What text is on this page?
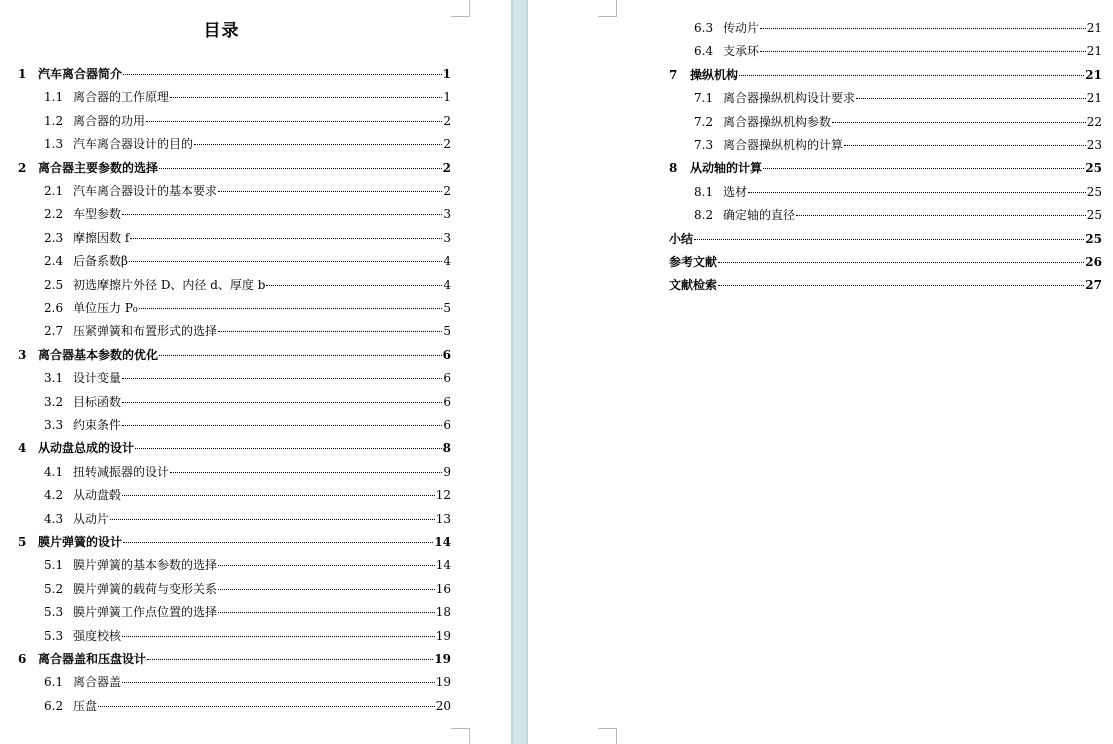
目录
1 汽车离合器简介	1
1.1 离合器的工作原理	1
1.2 离合器的功用	2
1.3 汽车离合器设计的目的	2
2 离合器主要参数的选择	2
2.1 汽车离合器设计的基本要求	2
2.2 车型参数	3
2.3 摩擦因数 f	3
2.4 后备系数β	4
2.5 初选摩擦片外径 D、内径 d、厚度 b	4
2.6 单位压力 P₀	5
2.7 压紧弹簧和布置形式的选择	5
3 离合器基本参数的优化	6
3.1 设计变量	6
3.2 目标函数	6
3.3 约束条件	6
4 从动盘总成的设计	8
4.1 扭转减振器的设计	9
4.2 从动盘毂	12
4.3 从动片	13
5 膜片弹簧的设计	14
5.1 膜片弹簧的基本参数的选择	14
5.2 膜片弹簧的载荷与变形关系	16
5.3 膜片弹簧工作点位置的选择	18
5.3 强度校核	19
6 离合器盖和压盘设计	19
6.1 离合器盖	19
6.2 压盘	20
6.3 传动片	21
6.4 支承环	21
7	操纵机构	21
7.1 离合器操纵机构设计要求	21
7.2 离合器操纵机构参数	22
7.3 离合器操纵机构的计算	23
8	从动轴的计算	25
8.1 选材	25
8.2 确定轴的直径	25
小结	25
参考文献	26
文献检索	27
